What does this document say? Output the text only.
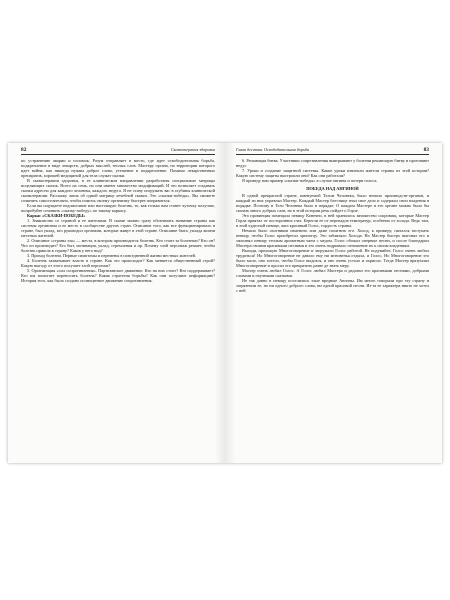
82	Сказкотерапия здоровья

по устранению аварии и поломок. Разум отправляет в место, где идет освободительная борьба, подкрепление в виде лекарств, добрых мыслей, теплых слов. Мастеру органа, на территории которого идет война, как никогда нужны доброе слово, утешение и подкрепление. Помимо лекарственных препаратов, хорошей медициной для тела служат сказки.

В сказкотерапии здоровья, в ее клиническом направлении разработаны специальные матрицы исцеляющих сказок. Всего их семь, но они имеют множество модификаций. И это позволяет создавать сказки адресно для каждого человека, каждого недуга. Я не стану погружать вас в глубины клинической сказкотерапии. Расскажу лишь об одной матрице лечебной сказки. Это «сказки-победы». Вы сможете сочинить самостоятельно, чтобы помочь своему организму быстрее поправиться.

Если вы ощущаете недомогание или настоящую болезнь, то, как только вам станет чуточку получше, попробуйте сочинить «сказку-победу» по такому каркасу.

Каркас «СКАЗКИ-ПОБЕДЫ»

1. Знакомство со страной и ее жителями. В сказке можно сразу обозначить название страны как системы организма и ее место в сообществе других стран. Описание того, как все функционировало в стране, был уклад, кто руководил органами, которые живут в этой стране. Описание быта, уклада жизни местных жителей.

2. Описание «страны зла» — места, в котором производится болезнь. Кто стоит за болезнью? Кто он? Что он производит? Его быт, мотивация, уклад, стремления и пр. Почему злой персонаж решает, чтобы болезнь пришла в страну? Каков у него вид?

3. Приход болезни. Первые симптомы и перемены в повседневной жизни местных жителей.

4. Болезнь захватывает власть в стране. Как это происходит? Как меняется общественный строй? Какую выгоду от этого получает злой персонаж?

5. Организация «сил сопротивления». Партизанское движение. Кто на них стоит? Кто поддерживает? Кто им помогает переносить болезнь? Какая стратегия борьбы? Как они получают информацию? История того, как было создано полноценное движение сопротивления.

Глава десятая. Освободительная борьба	83

6. Решающая битва. Участники сопротивления выигрывают у болезни решающую битву и прогоняют недуг.

7. Уроки и создание защитной системы. Какие уроки извлекли жители страны из этой истории? Какую систему защиты выстроили они? Как они работали?

Я приведу вам пример «сказки-победы» в случае ангины и потери голоса.

ПОБЕДА НАД АНГИНОЙ

В одной прекрасной стране, именуемой Телом Человека, было немало производств-органов, и каждый из них управлял Мастер. Каждый Мастер блестяще знал свое дело и содержал свои владения в порядке. Поэтому и Тело Человека было в порядке. О каждом Мастере и его органе можно было бы сказать много добрых слов, но в этой истории речь пойдет о Горле.

Эта провинция помещала певицу Конечно, в ней хранилось множество сокровищ, которые Мастер Горла приятал от посторонних глаз. Берегли ее от перепадов температур, особенно от холода. Ведь там, в этой чудесной певице, жил красивый Голос, гордость страны.

Немало было охотников изменить или даже похитить его. Холод, к примеру, пытался заступать певицу, чтобы Голос приобретал хрипотцу. Это забавляло Холода. Но Мастер быстро выгонял его и заполнял певицу теплым ароматным чаем с медом. Голос обожал оперные песни, и после благодарил Мастера своими красивыми песнями и это очень подрывало отношение их к своим владениям.

Выходя, прохожую Многоговорение и загружало Голос работой. Не подумайте, Голос очень любил трудиться! Но Многоговорение не давало ему ни мгновенья отдыха, и Голос, Но Многоговорение это было мало, оно хотело, чтобы Голос выдохся, и оно очень устало и охрипло. Тогда Мастер вразумлял Многоговорение и просил его прекратить разве де знать меру.

Мастер очень любил Голос. А Голос любил Мастера и радовал его красивыми песнями, добрыми словами и поучными сказками.

Не так давно в певицу поселились злые вредные Ангины. Им много говорили про эту страну и загрязнили ее, но ни одного доброго слова, ни одной красивой песни. Из-за ее характера никто не хотел с ней
